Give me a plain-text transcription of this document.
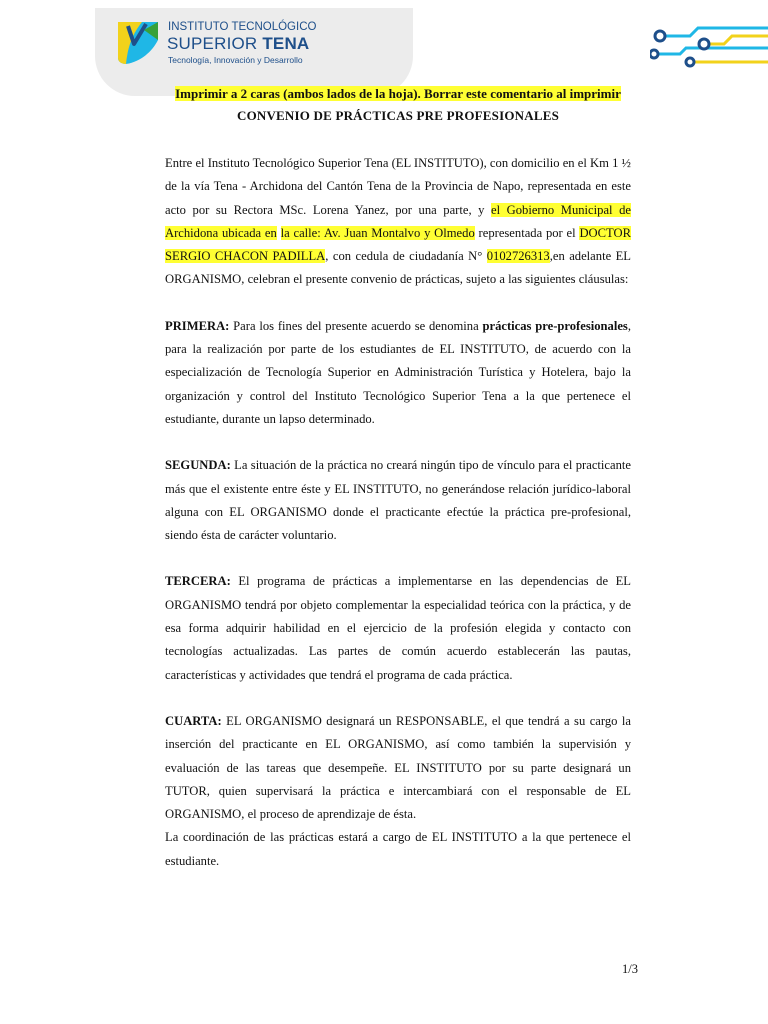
INSTITUTO TECNOLÓGICO
SUPERIOR TENA
Tecnología, Innovación y Desarrollo

Imprimir a 2 caras (ambos lados de la hoja). Borrar este comentario al imprimir

CONVENIO DE PRÁCTICAS PRE PROFESIONALES

Entre el Instituto Tecnológico Superior Tena (EL INSTITUTO), con domicilio en el Km 1 ½ de la vía Tena - Archidona del Cantón Tena de la Provincia de Napo, representada en este acto por su Rectora MSc. Lorena Yanez, por una parte, y el Gobierno Municipal de Archidona ubicada en la calle: Av. Juan Montalvo y Olmedo representada por el DOCTOR SERGIO CHACON PADILLA, con cedula de ciudadanía N° 0102726313,en adelante EL ORGANISMO, celebran el presente convenio de prácticas, sujeto a las siguientes cláusulas:

PRIMERA: Para los fines del presente acuerdo se denomina prácticas pre-profesionales, para la realización por parte de los estudiantes de EL INSTITUTO, de acuerdo con la especialización de Tecnología Superior en Administración Turística y Hotelera, bajo la organización y control del Instituto Tecnológico Superior Tena a la que pertenece el estudiante, durante un lapso determinado.

SEGUNDA: La situación de la práctica no creará ningún tipo de vínculo para el practicante más que el existente entre éste y EL INSTITUTO, no generándose relación jurídico-laboral alguna con EL ORGANISMO donde el practicante efectúe la práctica pre-profesional, siendo ésta de carácter voluntario.

TERCERA: El programa de prácticas a implementarse en las dependencias de EL ORGANISMO tendrá por objeto complementar la especialidad teórica con la práctica, y de esa forma adquirir habilidad en el ejercicio de la profesión elegida y contacto con tecnologías actualizadas. Las partes de común acuerdo establecerán las pautas, características y actividades que tendrá el programa de cada práctica.

CUARTA: EL ORGANISMO designará un RESPONSABLE, el que tendrá a su cargo la inserción del practicante en EL ORGANISMO, así como también la supervisión y evaluación de las tareas que desempeñe. EL INSTITUTO por su parte designará un TUTOR, quien supervisará la práctica e intercambiará con el responsable de EL ORGANISMO, el proceso de aprendizaje de ésta.

La coordinación de las prácticas estará a cargo de EL INSTITUTO a la que pertenece el estudiante.

1/3
